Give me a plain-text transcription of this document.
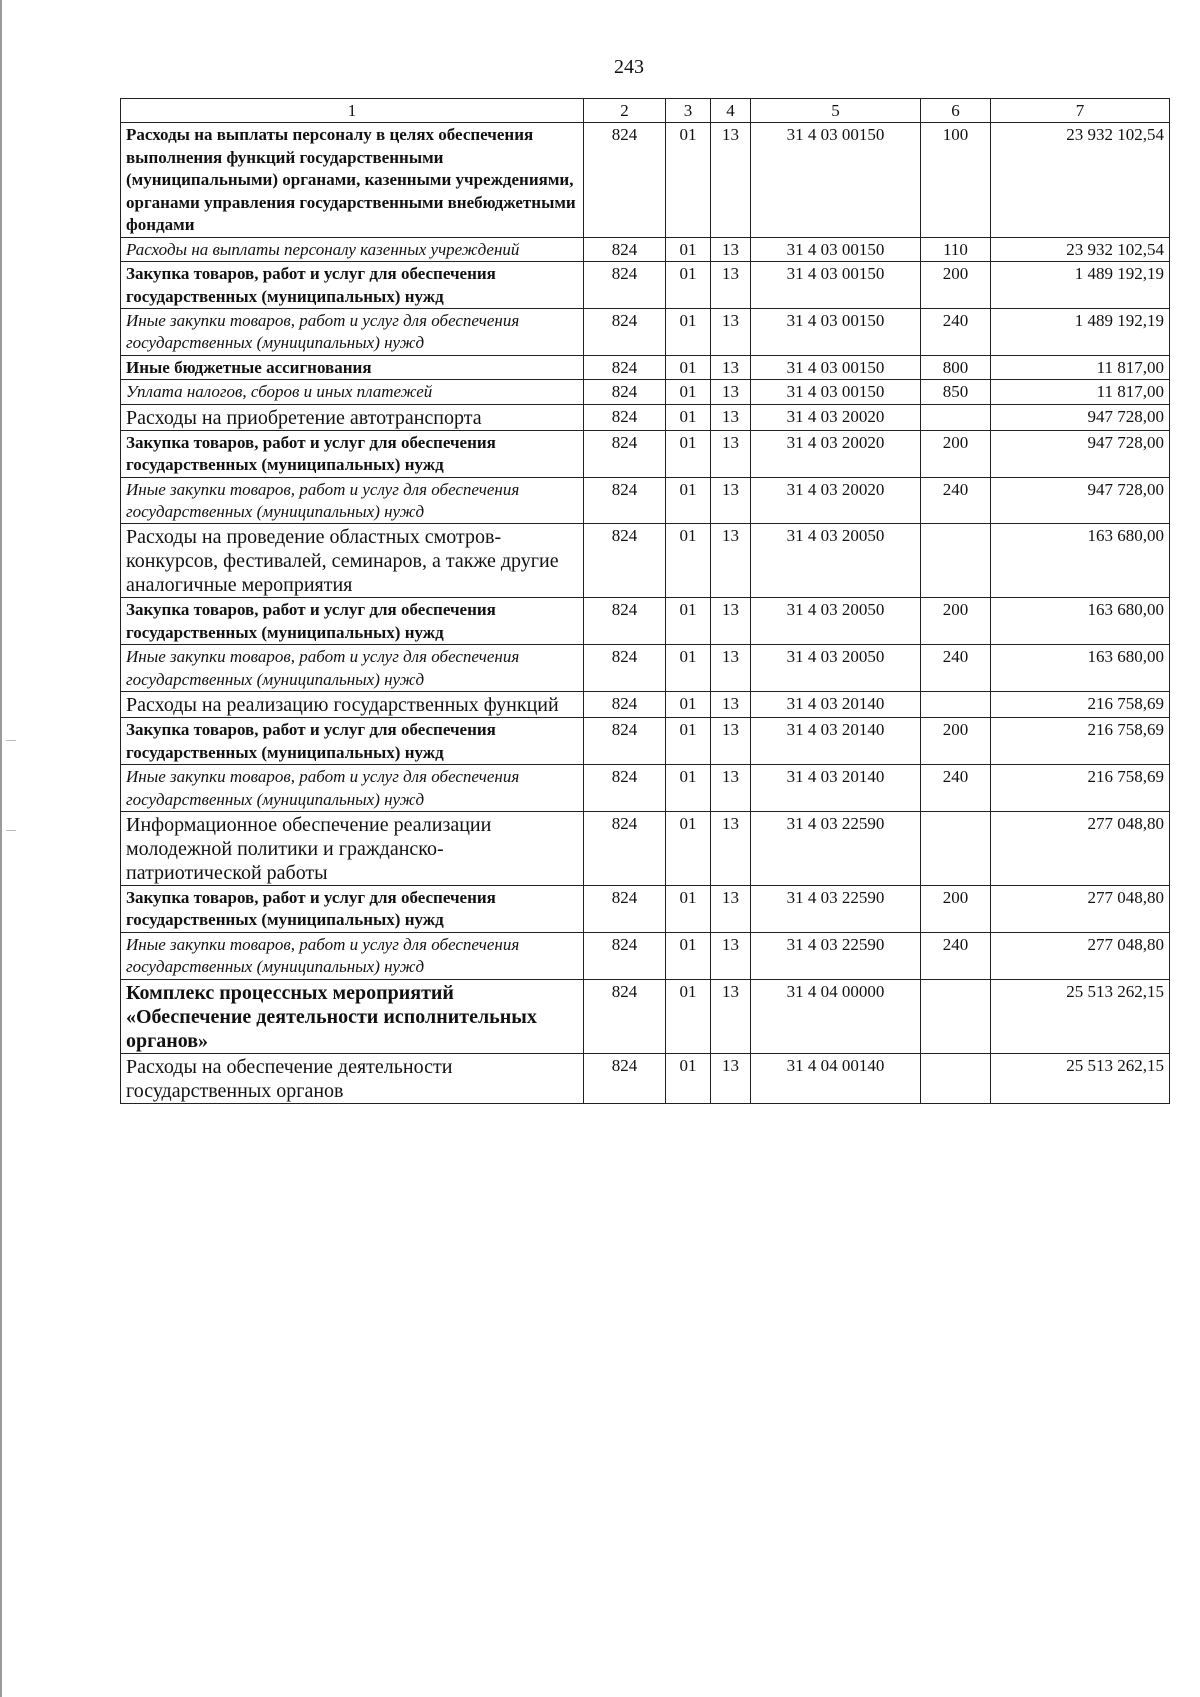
243
1	2	3	4	5	6	7
Расходы на выплаты персоналу в целях обеспечения выполнения функций государственными (муниципальными) органами, казенными учреждениями, органами управления государственными внебюджетными фондами	824	01	13	31 4 03 00150	100	23 932 102,54
Расходы на выплаты персоналу казенных учреждений	824	01	13	31 4 03 00150	110	23 932 102,54
Закупка товаров, работ и услуг для обеспечения государственных (муниципальных) нужд	824	01	13	31 4 03 00150	200	1 489 192,19
Иные закупки товаров, работ и услуг для обеспечения государственных (муниципальных) нужд	824	01	13	31 4 03 00150	240	1 489 192,19
Иные бюджетные ассигнования	824	01	13	31 4 03 00150	800	11 817,00
Уплата налогов, сборов и иных платежей	824	01	13	31 4 03 00150	850	11 817,00
Расходы на приобретение автотранспорта	824	01	13	31 4 03 20020		947 728,00
Закупка товаров, работ и услуг для обеспечения государственных (муниципальных) нужд	824	01	13	31 4 03 20020	200	947 728,00
Иные закупки товаров, работ и услуг для обеспечения государственных (муниципальных) нужд	824	01	13	31 4 03 20020	240	947 728,00
Расходы на проведение областных смотров-конкурсов, фестивалей, семинаров, а также другие аналогичные мероприятия	824	01	13	31 4 03 20050		163 680,00
Закупка товаров, работ и услуг для обеспечения государственных (муниципальных) нужд	824	01	13	31 4 03 20050	200	163 680,00
Иные закупки товаров, работ и услуг для обеспечения государственных (муниципальных) нужд	824	01	13	31 4 03 20050	240	163 680,00
Расходы на реализацию государственных функций	824	01	13	31 4 03 20140		216 758,69
Закупка товаров, работ и услуг для обеспечения государственных (муниципальных) нужд	824	01	13	31 4 03 20140	200	216 758,69
Иные закупки товаров, работ и услуг для обеспечения государственных (муниципальных) нужд	824	01	13	31 4 03 20140	240	216 758,69
Информационное обеспечение реализации молодежной политики и гражданско-патриотической работы	824	01	13	31 4 03 22590		277 048,80
Закупка товаров, работ и услуг для обеспечения государственных (муниципальных) нужд	824	01	13	31 4 03 22590	200	277 048,80
Иные закупки товаров, работ и услуг для обеспечения государственных (муниципальных) нужд	824	01	13	31 4 03 22590	240	277 048,80
Комплекс процессных мероприятий «Обеспечение деятельности исполнительных органов»	824	01	13	31 4 04 00000		25 513 262,15
Расходы на обеспечение деятельности государственных органов	824	01	13	31 4 04 00140		25 513 262,15
